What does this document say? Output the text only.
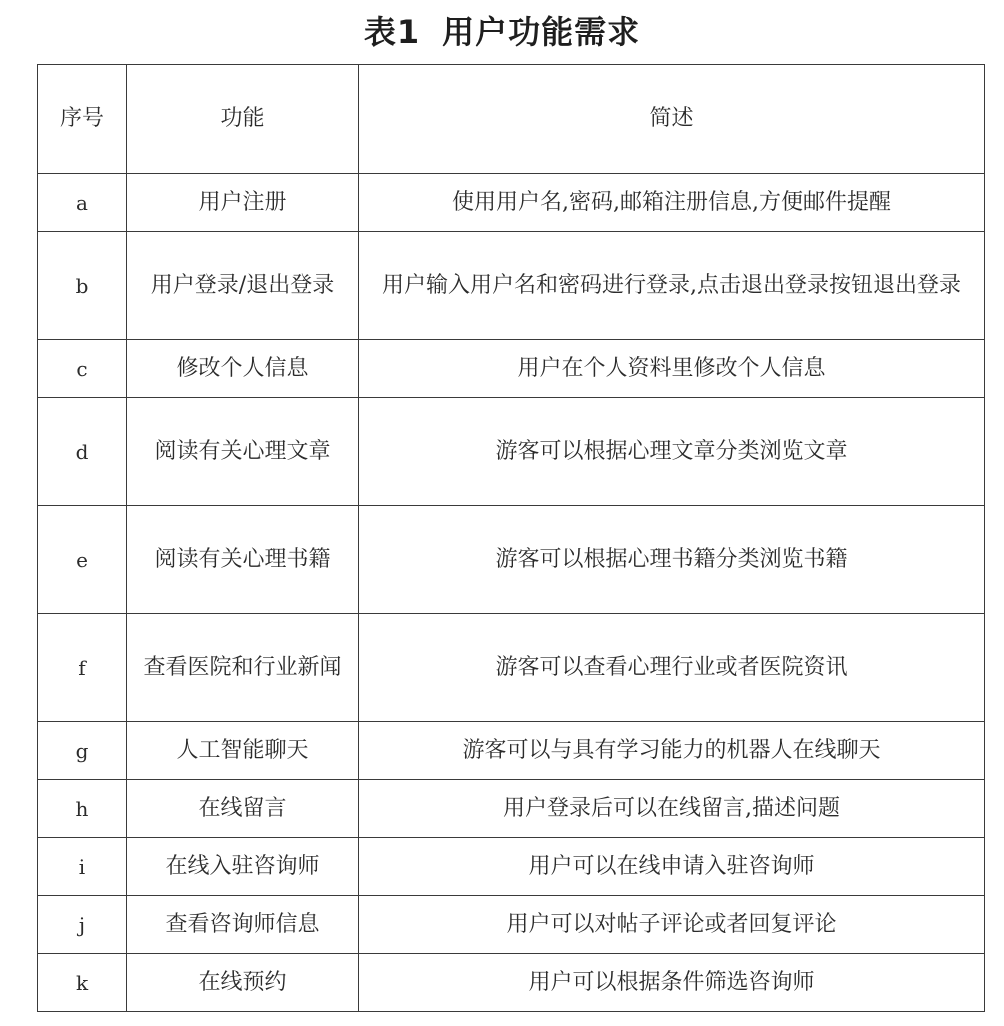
表1 用户功能需求
序号	功能	简述
a	用户注册	使用用户名,密码,邮箱注册信息,方便邮件提醒
b	用户登录/退出登录	用户输入用户名和密码进行登录,点击退出登录按钮退出登录
c	修改个人信息	用户在个人资料里修改个人信息
d	阅读有关心理文章	游客可以根据心理文章分类浏览文章
e	阅读有关心理书籍	游客可以根据心理书籍分类浏览书籍
f	查看医院和行业新闻	游客可以查看心理行业或者医院资讯
g	人工智能聊天	游客可以与具有学习能力的机器人在线聊天
h	在线留言	用户登录后可以在线留言,描述问题
i	在线入驻咨询师	用户可以在线申请入驻咨询师
j	查看咨询师信息	用户可以对帖子评论或者回复评论
k	在线预约	用户可以根据条件筛选咨询师
